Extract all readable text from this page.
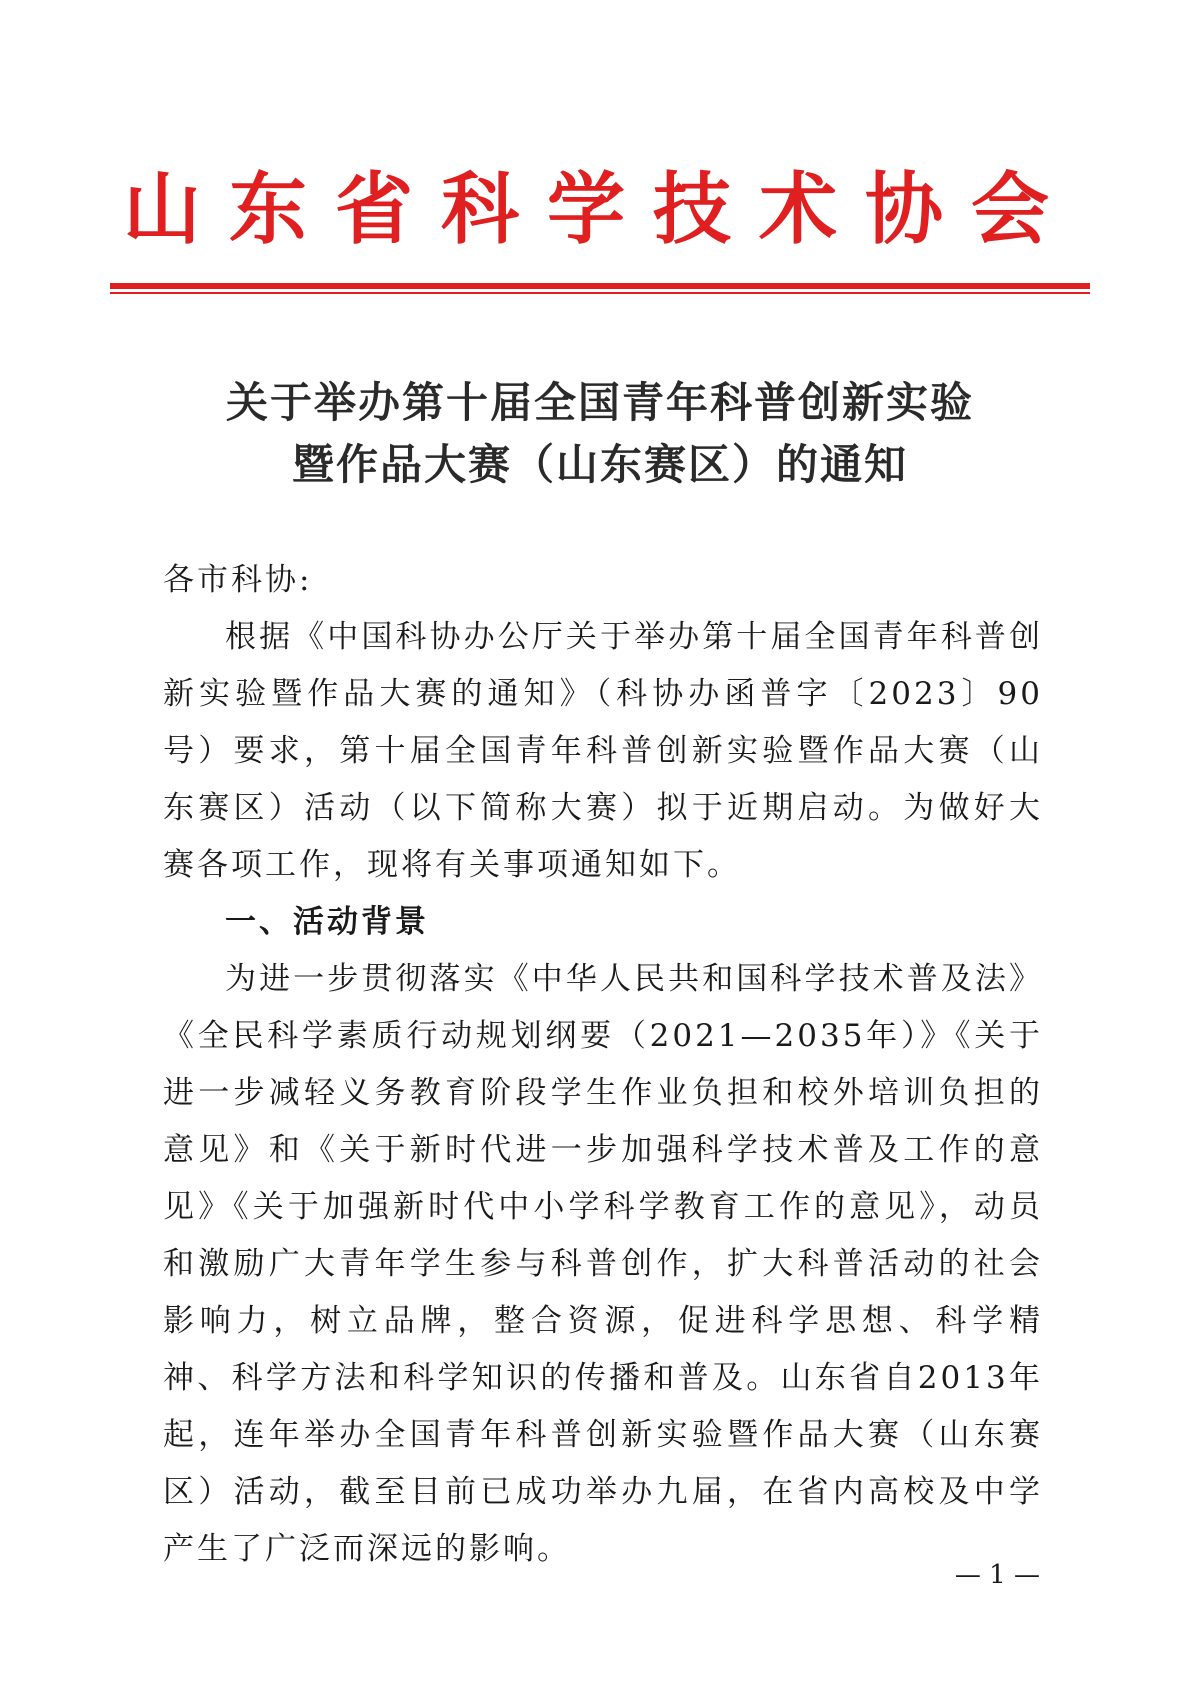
山东省科学技术协会
关于举办第十届全国青年科普创新实验
暨作品大赛（山东赛区）的通知

各市科协:

根据《中国科协办公厅关于举办第十届全国青年科普创新实验暨作品大赛的通知》（科协办函普字〔2023〕90号）要求，第十届全国青年科普创新实验暨作品大赛（山东赛区）活动（以下简称大赛）拟于近期启动。为做好大赛各项工作，现将有关事项通知如下。

一、活动背景

为进一步贯彻落实《中华人民共和国科学技术普及法》《全民科学素质行动规划纲要（2021—2035年）》《关于进一步减轻义务教育阶段学生作业负担和校外培训负担的意见》和《关于新时代进一步加强科学技术普及工作的意见》《关于加强新时代中小学科学教育工作的意见》，动员和激励广大青年学生参与科普创作，扩大科普活动的社会影响力，树立品牌，整合资源，促进科学思想、科学精神、科学方法和科学知识的传播和普及。山东省自2013年起，连年举办全国青年科普创新实验暨作品大赛（山东赛区）活动，截至目前已成功举办九届，在省内高校及中学产生了广泛而深远的影响。

— 1 —
